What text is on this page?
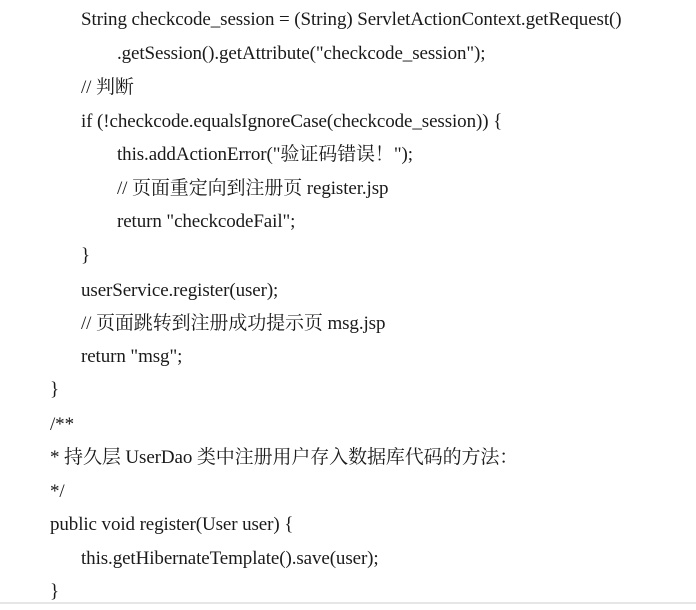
String checkcode_session = (String) ServletActionContext.getRequest()
.getSession().getAttribute("checkcode_session");
// 判断
if (!checkcode.equalsIgnoreCase(checkcode_session)) {
this.addActionError("验证码错误！");
// 页面重定向到注册页 register.jsp
return "checkcodeFail";
}
userService.register(user);
// 页面跳转到注册成功提示页 msg.jsp
return "msg";
}
/**
* 持久层 UserDao 类中注册用户存入数据库代码的方法：
*/
public void register(User user) {
this.getHibernateTemplate().save(user);
}
